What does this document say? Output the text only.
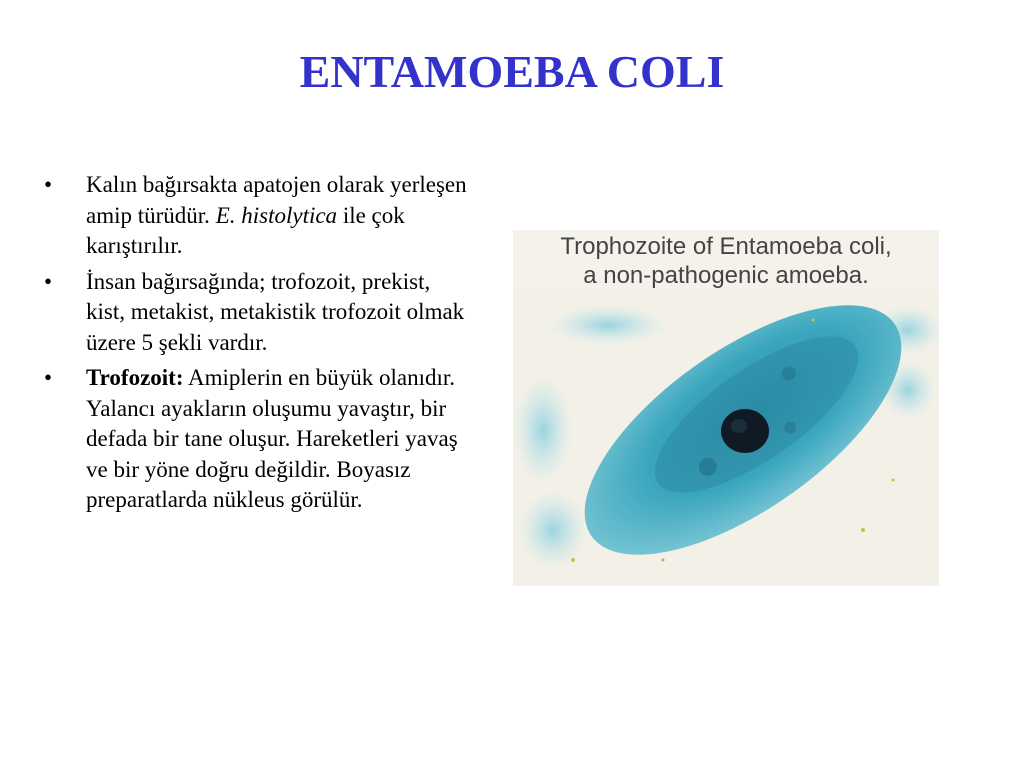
ENTAMOEBA COLI
• Kalın bağırsakta apatojen olarak yerleşen amip türüdür. E. histolytica ile çok karıştırılır.
• İnsan bağırsağında; trofozoit, prekist, kist, metakist, metakistik trofozoit olmak üzere 5 şekli vardır.
• Trofozoit: Amiplerin en büyük olanıdır. Yalancı ayakların oluşumu yavaştır, bir defada bir tane oluşur. Hareketleri yavaş ve bir yöne doğru değildir. Boyasız preparatlarda nükleus görülür.
Trophozoite of Entamoeba coli,
a non-pathogenic amoeba.
